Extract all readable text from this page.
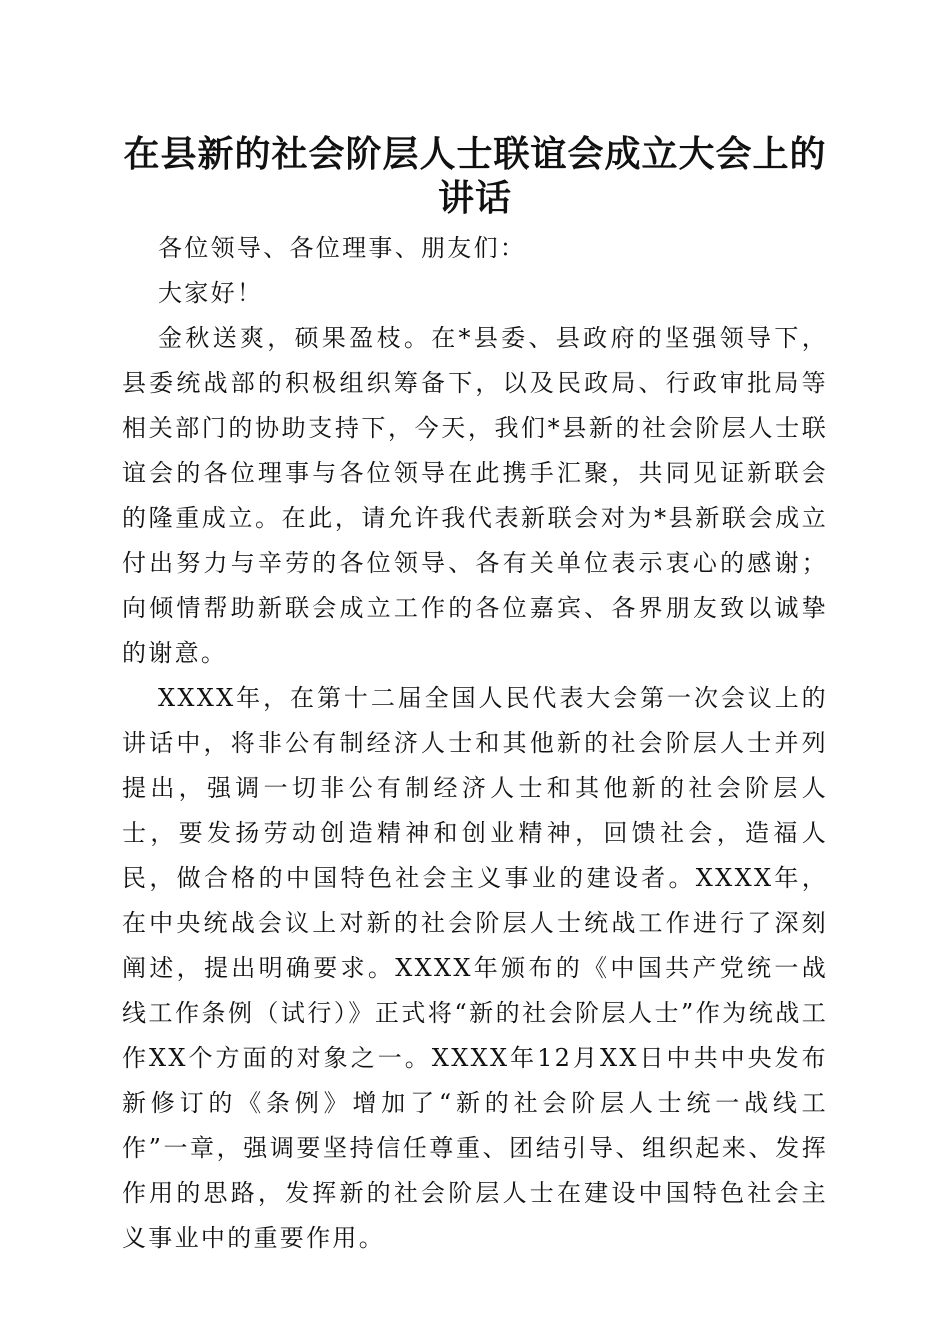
在县新的社会阶层人士联谊会成立大会上的讲话

各位领导、各位理事、朋友们：

大家好！

金秋送爽，硕果盈枝。在*县委、县政府的坚强领导下，县委统战部的积极组织筹备下，以及民政局、行政审批局等相关部门的协助支持下，今天，我们*县新的社会阶层人士联谊会的各位理事与各位领导在此携手汇聚，共同见证新联会的隆重成立。在此，请允许我代表新联会对为*县新联会成立付出努力与辛劳的各位领导、各有关单位表示衷心的感谢；向倾情帮助新联会成立工作的各位嘉宾、各界朋友致以诚挚的谢意。

XXXX年，在第十二届全国人民代表大会第一次会议上的讲话中，将非公有制经济人士和其他新的社会阶层人士并列提出，强调一切非公有制经济人士和其他新的社会阶层人士，要发扬劳动创造精神和创业精神，回馈社会，造福人民，做合格的中国特色社会主义事业的建设者。XXXX年，在中央统战会议上对新的社会阶层人士统战工作进行了深刻阐述，提出明确要求。XXXX年颁布的《中国共产党统一战线工作条例（试行）》正式将“新的社会阶层人士”作为统战工作XX个方面的对象之一。XXXX年12月XX日中共中央发布新修订的《条例》增加了“新的社会阶层人士统一战线工作”一章，强调要坚持信任尊重、团结引导、组织起来、发挥作用的思路，发挥新的社会阶层人士在建设中国特色社会主义事业中的重要作用。
